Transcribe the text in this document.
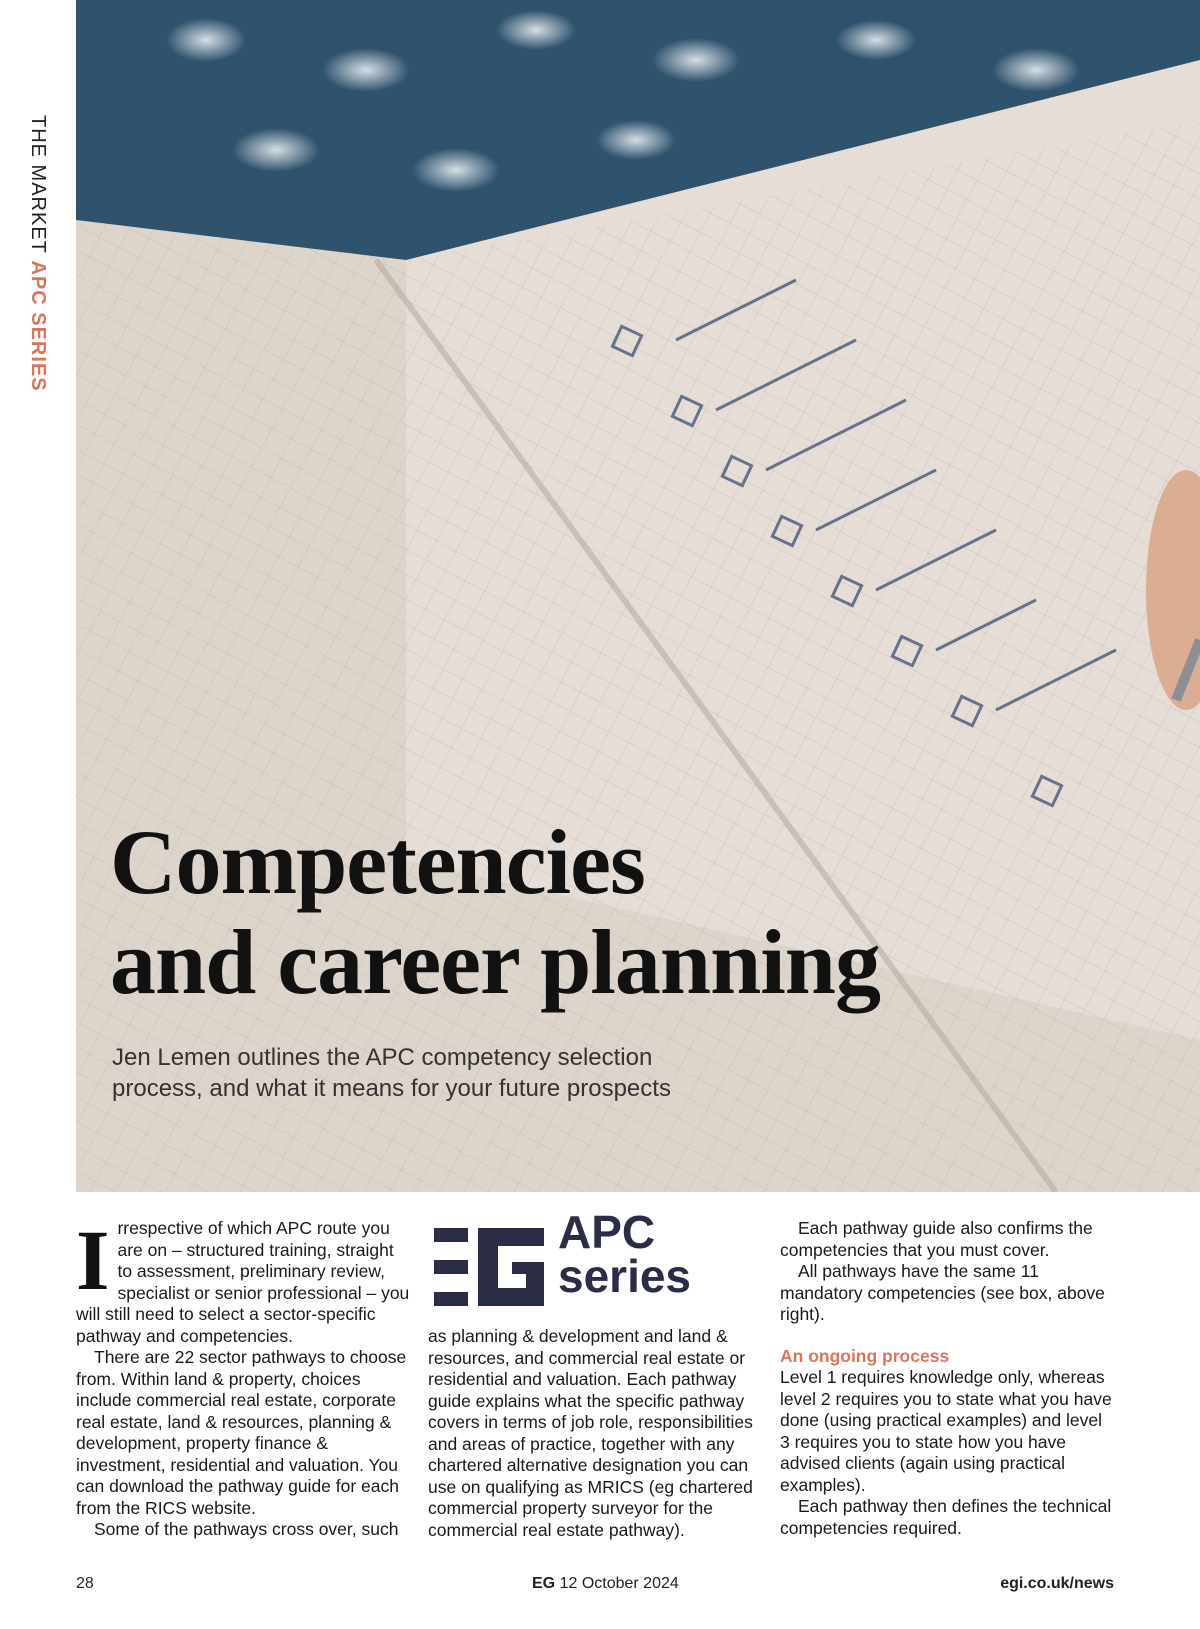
THE MARKET APC SERIES
Competencies
and career planning
Jen Lemen outlines the APC competency selection process, and what it means for your future prospects

Irrespective of which APC route you are on – structured training, straight to assessment, preliminary review, specialist or senior professional – you will still need to select a sector-specific pathway and competencies.

There are 22 sector pathways to choose from. Within land & property, choices include commercial real estate, corporate real estate, land & resources, planning & development, property finance & investment, residential and valuation. You can download the pathway guide for each from the RICS website.

Some of the pathways cross over, such

APC
series

as planning & development and land & resources, and commercial real estate or residential and valuation. Each pathway guide explains what the specific pathway covers in terms of job role, responsibilities and areas of practice, together with any chartered alternative designation you can use on qualifying as MRICS (eg chartered commercial property surveyor for the commercial real estate pathway).

Each pathway guide also confirms the competencies that you must cover.

All pathways have the same 11 mandatory competencies (see box, above right).

An ongoing process

Level 1 requires knowledge only, whereas level 2 requires you to state what you have done (using practical examples) and level 3 requires you to state how you have advised clients (again using practical examples).

Each pathway then defines the technical competencies required.

28	EG 12 October 2024	egi.co.uk/news
